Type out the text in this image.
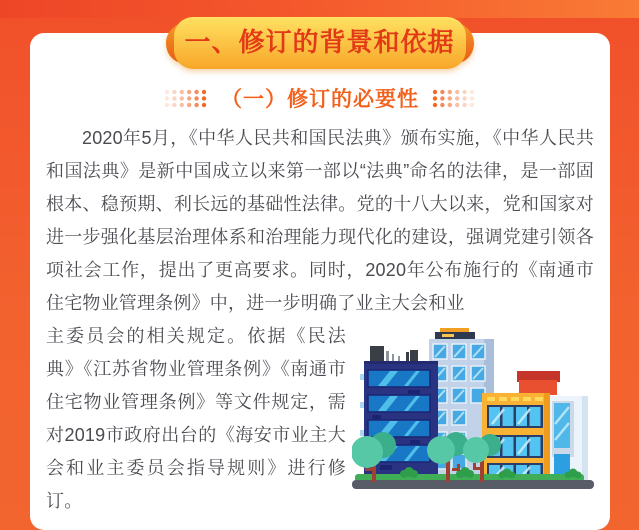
一、修订的背景和依据
（一）修订的必要性

2020年5月，《中华人民共和国民法典》颁布实施，《中华人民共和国法典》是新中国成立以来第一部以“法典”命名的法律，是一部固根本、稳预期、利长远的基础性法律。党的十八大以来，党和国家对进一步强化基层治理体系和治理能力现代化的建设，强调党建引领各项社会工作，提出了更高要求。同时，2020年公布施行的《南通市住宅物业管理条例》中，进一步明确了业主大会和业

主委员会的相关规定。依据《民法典》《江苏省物业管理条例》《南通市住宅物业管理条例》等文件规定，需对2019市政府出台的《海安市业主大会和业主委员会指导规则》进行修订。
